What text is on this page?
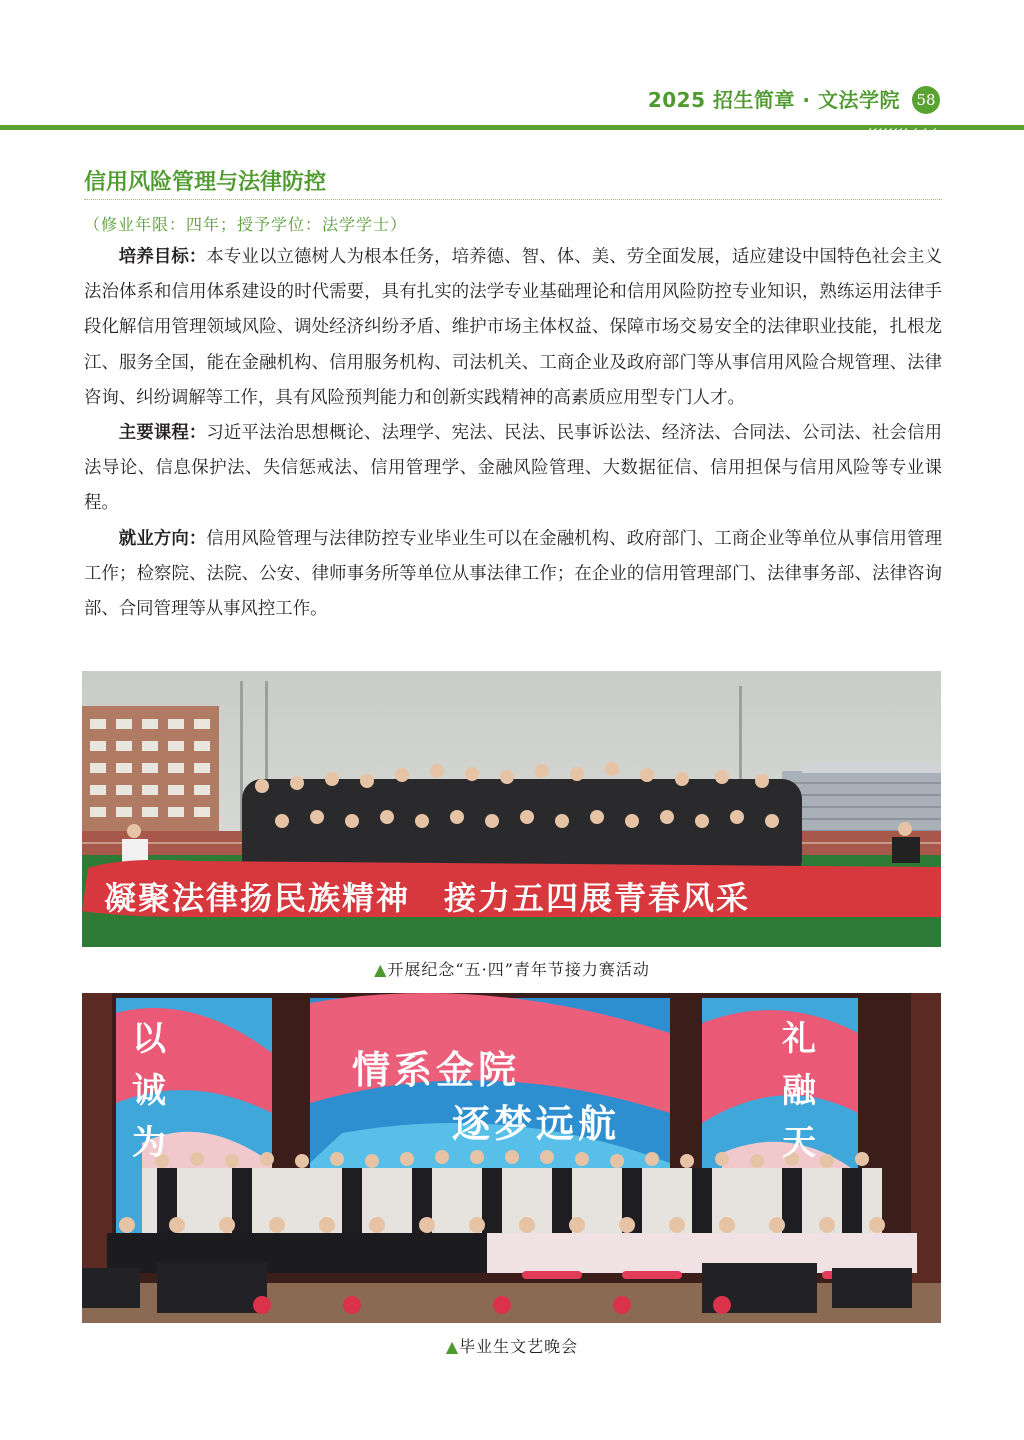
2025 招生简章 · 文法学院 58
‹‹‹‹‹‹‹‹ ‹ ‹ ‹
信用风险管理与法律防控
（修业年限：四年；授予学位：法学学士）

培养目标：本专业以立德树人为根本任务，培养德、智、体、美、劳全面发展，适应建设中国特色社会主义法治体系和信用体系建设的时代需要，具有扎实的法学专业基础理论和信用风险防控专业知识，熟练运用法律手段化解信用管理领域风险、调处经济纠纷矛盾、维护市场主体权益、保障市场交易安全的法律职业技能，扎根龙江、服务全国，能在金融机构、信用服务机构、司法机关、工商企业及政府部门等从事信用风险合规管理、法律咨询、纠纷调解等工作，具有风险预判能力和创新实践精神的高素质应用型专门人才。

主要课程：习近平法治思想概论、法理学、宪法、民法、民事诉讼法、经济法、合同法、公司法、社会信用法导论、信息保护法、失信惩戒法、信用管理学、金融风险管理、大数据征信、信用担保与信用风险等专业课程。

就业方向：信用风险管理与法律防控专业毕业生可以在金融机构、政府部门、工商企业等单位从事信用管理工作；检察院、法院、公安、律师事务所等单位从事法律工作；在企业的信用管理部门、法律事务部、法律咨询部、合同管理等从事风控工作。

凝聚法律扬民族精神　接力五四展青春风采
▲开展纪念“五·四”青年节接力赛活动
以诚为
情系金院
逐梦远航
礼融天
▲毕业生文艺晚会
